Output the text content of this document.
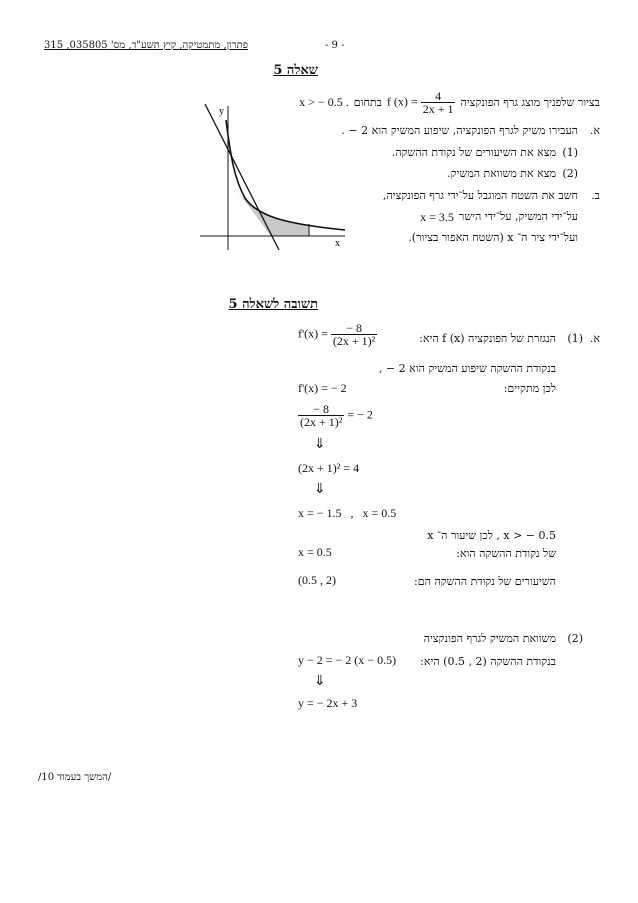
פתרון, מתמטיקה, קיץ תשע"ד, מס' 035805, 315	- 9 -
שאלה 5
בציור שלפניך מוצג גרף הפונקציה
f $(x) = \frac{4}{2x + 1}$
בתחום
x > − 0.5 .
א.
העבירו משיק לגרף הפונקציה, שיפוע המשיק הוא 2 − .
(1)
מצא את השיעורים של נקודת ההשקה.
(2)
מצא את משוואת המשיק.
ב.
חשב את השטח המוגבל על־ידי גרף הפונקציה,
על־ידי המשיק, על־ידי הישר
x = 3.5
ועל־ידי ציר ה־ x (השטח האפור בציור).
y
x
תשובה לשאלה 5
א.
(1)
הנגזרת של הפונקציה f (x) היא:
$f'(x) = \frac{- 8}{\text{(2x + 1)²}}$
בנקודת ההשקה שיפוע המשיק הוא 2 − ,
לכן מתקיים:
f'(x) = − 2
$\frac{- 8}{\text{(2x + 1)²}}$ = − 2
⇓
(2x + 1)² = 4
⇓
x = − 1.5   ,   x = 0.5
x > − 0.5 , לכן שיעור ה־ x
של נקודת ההשקה הוא:
x = 0.5
השיעורים של נקודת ההשקה הם:
(0.5 , 2)
(2)
משוואת המשיק לגרף הפונקציה
בנקודת ההשקה (2 , 0.5) היא:
y − 2 = − 2 (x − 0.5)
⇓
y = − 2x + 3
/המשך בעמוד 10/
